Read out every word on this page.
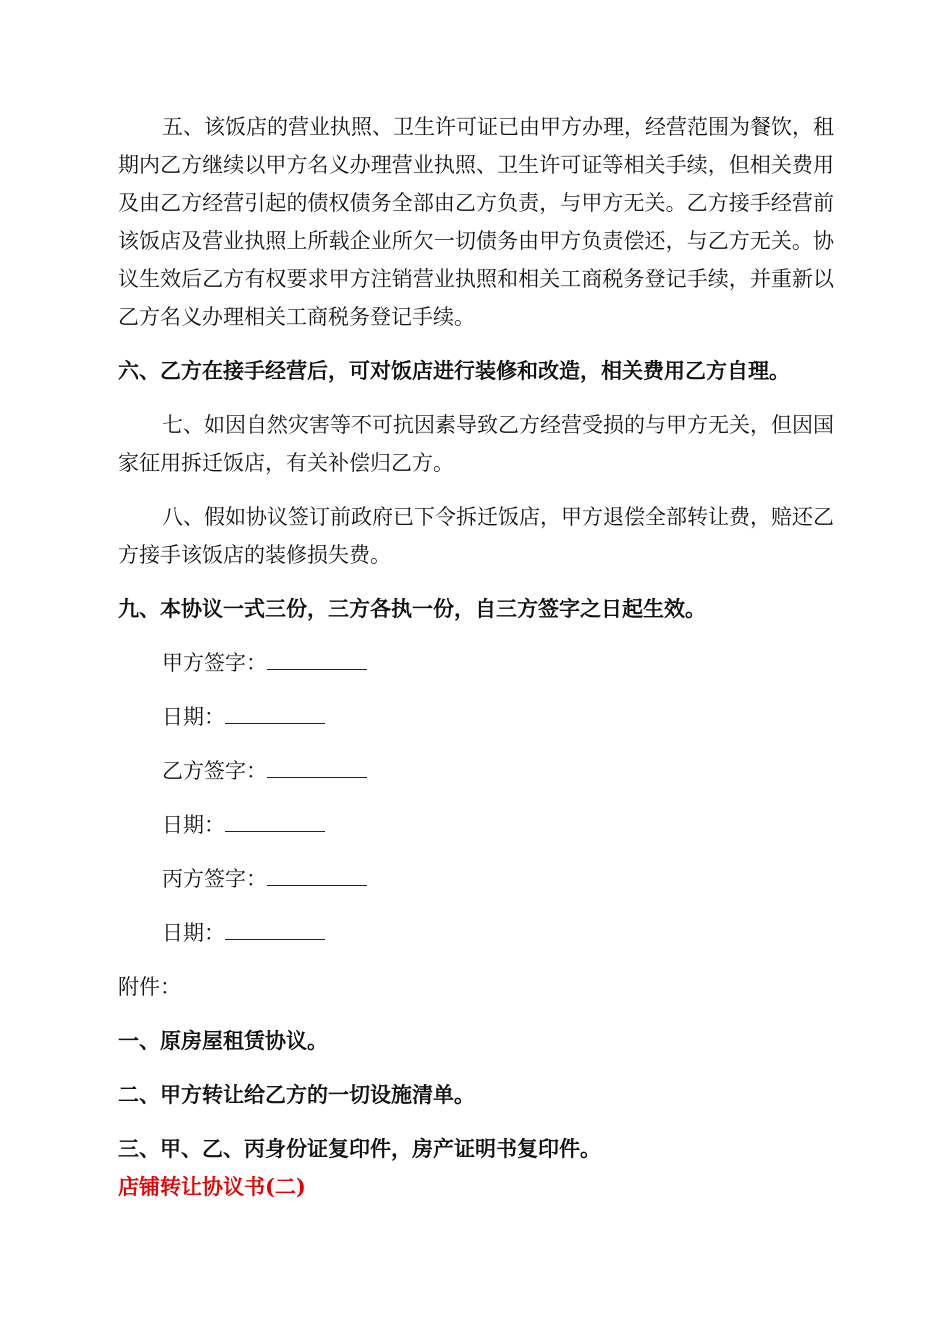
五、该饭店的营业执照、卫生许可证已由甲方办理，经营范围为餐饮，租期内乙方继续以甲方名义办理营业执照、卫生许可证等相关手续，但相关费用及由乙方经营引起的债权债务全部由乙方负责，与甲方无关。乙方接手经营前该饭店及营业执照上所载企业所欠一切债务由甲方负责偿还，与乙方无关。协议生效后乙方有权要求甲方注销营业执照和相关工商税务登记手续，并重新以乙方名义办理相关工商税务登记手续。

六、乙方在接手经营后，可对饭店进行装修和改造，相关费用乙方自理。

七、如因自然灾害等不可抗因素导致乙方经营受损的与甲方无关，但因国家征用拆迁饭店，有关补偿归乙方。

八、假如协议签订前政府已下令拆迁饭店，甲方退偿全部转让费，赔还乙方接手该饭店的装修损失费。

九、本协议一式三份，三方各执一份，自三方签字之日起生效。

甲方签字：

日期：

乙方签字：

日期：

丙方签字：

日期：

附件：

一、原房屋租赁协议。

二、甲方转让给乙方的一切设施清单。

三、甲、乙、丙身份证复印件，房产证明书复印件。

店铺转让协议书(二)
